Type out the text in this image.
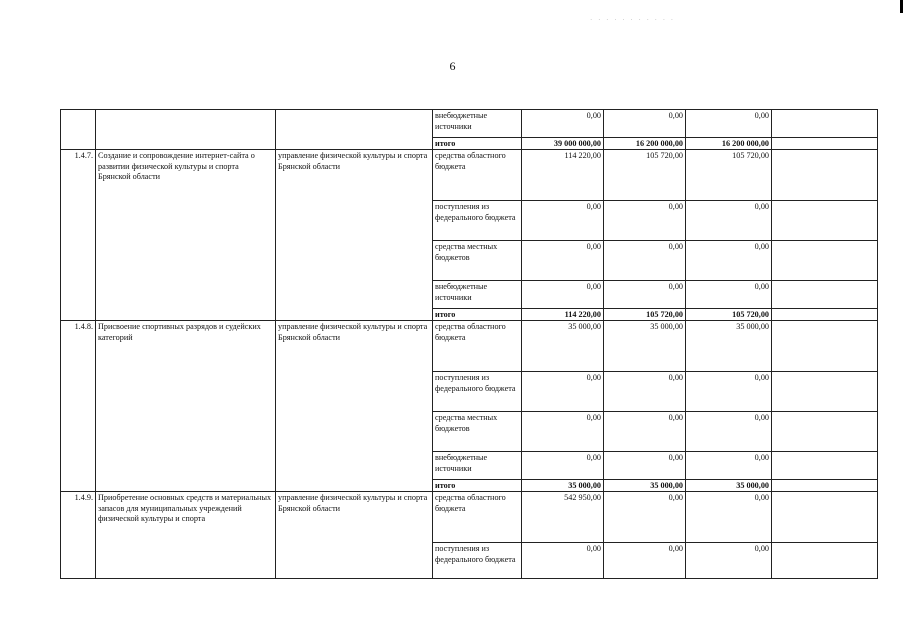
· · · · · · · · · · ·
6
			внебюджетные источники	0,00	0,00	0,00	
			итого	39 000 000,00	16 200 000,00	16 200 000,00	
1.4.7.	Создание и сопровождение интернет-сайта о развитии физической культуры и спорта Брянской области	управление физической культуры и спорта Брянской области	средства областного бюджета	114 220,00	105 720,00	105 720,00	
			поступления из федерального бюджета	0,00	0,00	0,00	
			средства местных бюджетов	0,00	0,00	0,00	
			внебюджетные источники	0,00	0,00	0,00	
			итого	114 220,00	105 720,00	105 720,00	
1.4.8.	Присвоение спортивных разрядов и судейских категорий	управление физической культуры и спорта Брянской области	средства областного бюджета	35 000,00	35 000,00	35 000,00	
			поступления из федерального бюджета	0,00	0,00	0,00	
			средства местных бюджетов	0,00	0,00	0,00	
			внебюджетные источники	0,00	0,00	0,00	
			итого	35 000,00	35 000,00	35 000,00	
1.4.9.	Приобретение основных средств и материальных запасов для муниципальных учреждений физической культуры и спорта	управление физической культуры и спорта Брянской области	средства областного бюджета	542 950,00	0,00	0,00	
			поступления из федерального бюджета	0,00	0,00	0,00	
